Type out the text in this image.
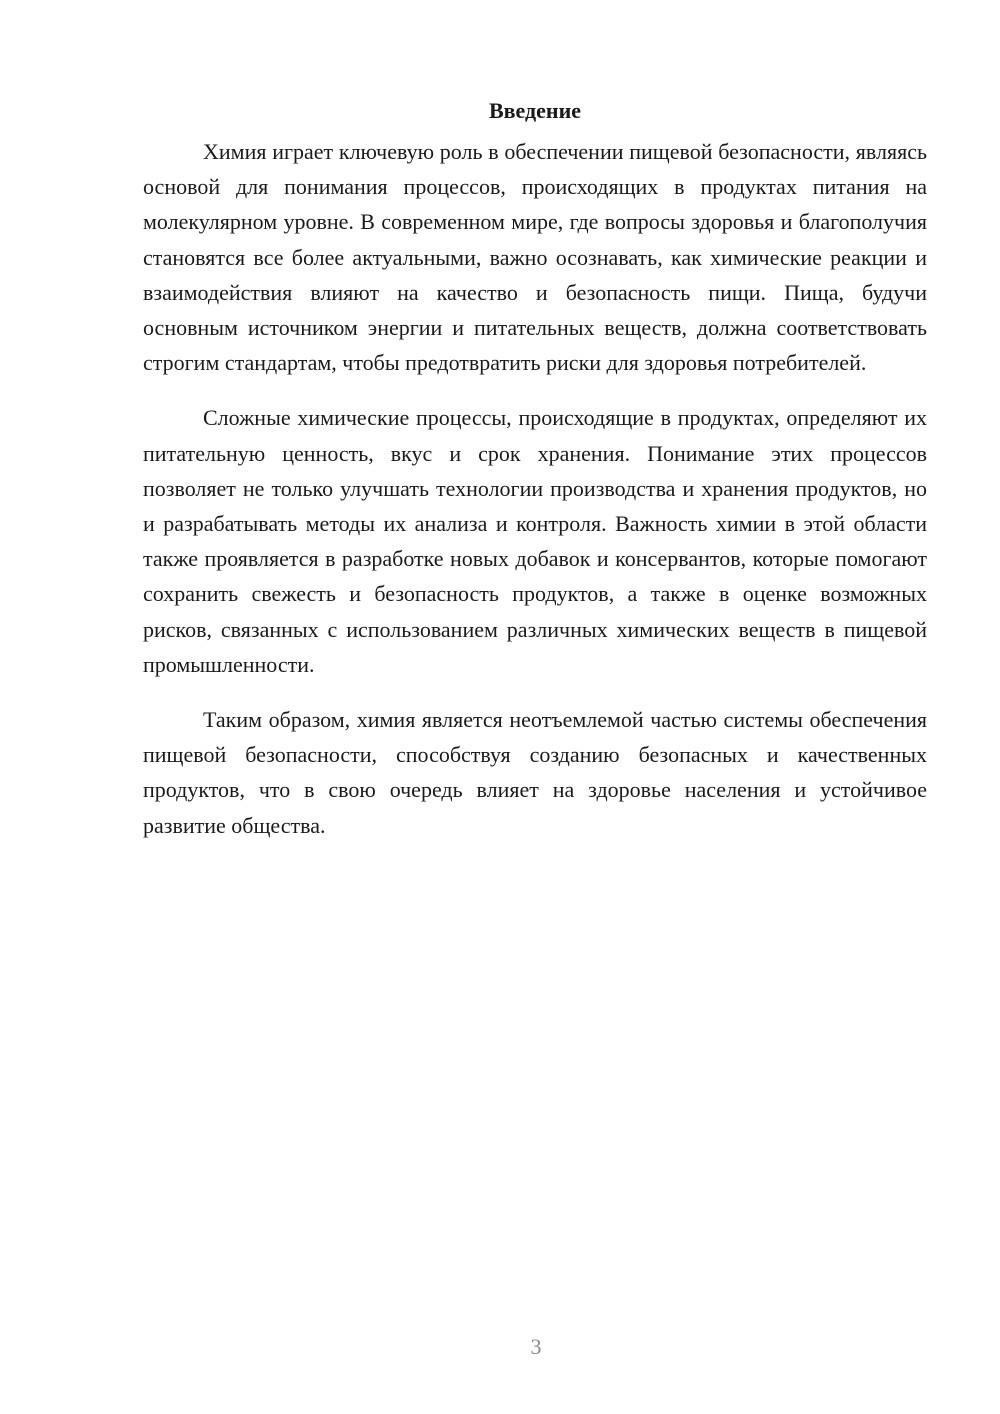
Введение

Химия играет ключевую роль в обеспечении пищевой безопасности, являясь основой для понимания процессов, происходящих в продуктах питания на молекулярном уровне. В современном мире, где вопросы здоровья и благополучия становятся все более актуальными, важно осознавать, как химические реакции и взаимодействия влияют на качество и безопасность пищи. Пища, будучи основным источником энергии и питательных веществ, должна соответствовать строгим стандартам, чтобы предотвратить риски для здоровья потребителей.

Сложные химические процессы, происходящие в продуктах, определяют их питательную ценность, вкус и срок хранения. Понимание этих процессов позволяет не только улучшать технологии производства и хранения продуктов, но и разрабатывать методы их анализа и контроля. Важность химии в этой области также проявляется в разработке новых добавок и консервантов, которые помогают сохранить свежесть и безопасность продуктов, а также в оценке возможных рисков, связанных с использованием различных химических веществ в пищевой промышленности.

Таким образом, химия является неотъемлемой частью системы обеспечения пищевой безопасности, способствуя созданию безопасных и качественных продуктов, что в свою очередь влияет на здоровье населения и устойчивое развитие общества.

3
